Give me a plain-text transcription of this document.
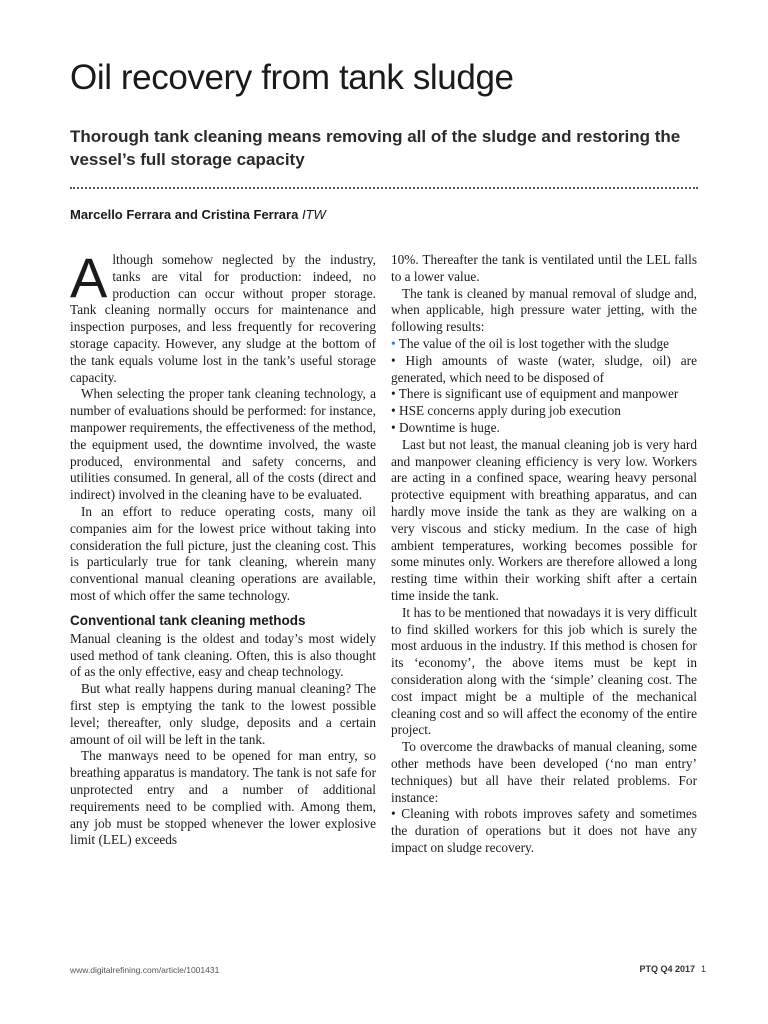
Oil recovery from tank sludge
Thorough tank cleaning means removing all of the sludge and restoring the vessel’s full storage capacity

Marcello Ferrara and Cristina Ferrara ITW

Although somehow neglected by the industry, tanks are vital for production: indeed, no production can occur without proper storage. Tank cleaning normally occurs for maintenance and inspection purposes, and less frequently for recovering storage capacity. However, any sludge at the bottom of the tank equals volume lost in the tank’s useful storage capacity.

When selecting the proper tank cleaning technology, a number of evaluations should be performed: for instance, manpower requirements, the effectiveness of the method, the equipment used, the downtime involved, the waste produced, environmental and safety concerns, and utilities consumed. In general, all of the costs (direct and indirect) involved in the cleaning have to be evaluated.

In an effort to reduce operating costs, many oil companies aim for the lowest price without taking into consideration the full picture, just the cleaning cost. This is particularly true for tank cleaning, wherein many conventional manual cleaning operations are available, most of which offer the same technology.

Conventional tank cleaning methods

Manual cleaning is the oldest and today’s most widely used method of tank cleaning. Often, this is also thought of as the only effective, easy and cheap technology.

But what really happens during manual cleaning? The first step is emptying the tank to the lowest possible level; thereafter, only sludge, deposits and a certain amount of oil will be left in the tank.

The manways need to be opened for man entry, so breathing apparatus is mandatory. The tank is not safe for unprotected entry and a number of additional requirements need to be complied with. Among them, any job must be stopped whenever the lower explosive limit (LEL) exceeds

10%. Thereafter the tank is ventilated until the LEL falls to a lower value.

The tank is cleaned by manual removal of sludge and, when applicable, high pressure water jetting, with the following results:

• The value of the oil is lost together with the sludge

• High amounts of waste (water, sludge, oil) are generated, which need to be disposed of

• There is significant use of equipment and manpower

• HSE concerns apply during job execution

• Downtime is huge.

Last but not least, the manual cleaning job is very hard and manpower cleaning efficiency is very low. Workers are acting in a confined space, wearing heavy personal protective equipment with breathing apparatus, and can hardly move inside the tank as they are walking on a very viscous and sticky medium. In the case of high ambient temperatures, working becomes possible for some minutes only. Workers are therefore allowed a long resting time within their working shift after a certain time inside the tank.

It has to be mentioned that nowadays it is very difficult to find skilled workers for this job which is surely the most arduous in the industry. If this method is chosen for its ‘economy’, the above items must be kept in consideration along with the ‘simple’ cleaning cost. The cost impact might be a multiple of the mechanical cleaning cost and so will affect the economy of the entire project.

To overcome the drawbacks of manual cleaning, some other methods have been developed (‘no man entry’ techniques) but all have their related problems. For instance:

• Cleaning with robots improves safety and sometimes the duration of operations but it does not have any impact on sludge recovery.

www.digitalrefining.com/article/1001431	PTQ Q4 2017 1
